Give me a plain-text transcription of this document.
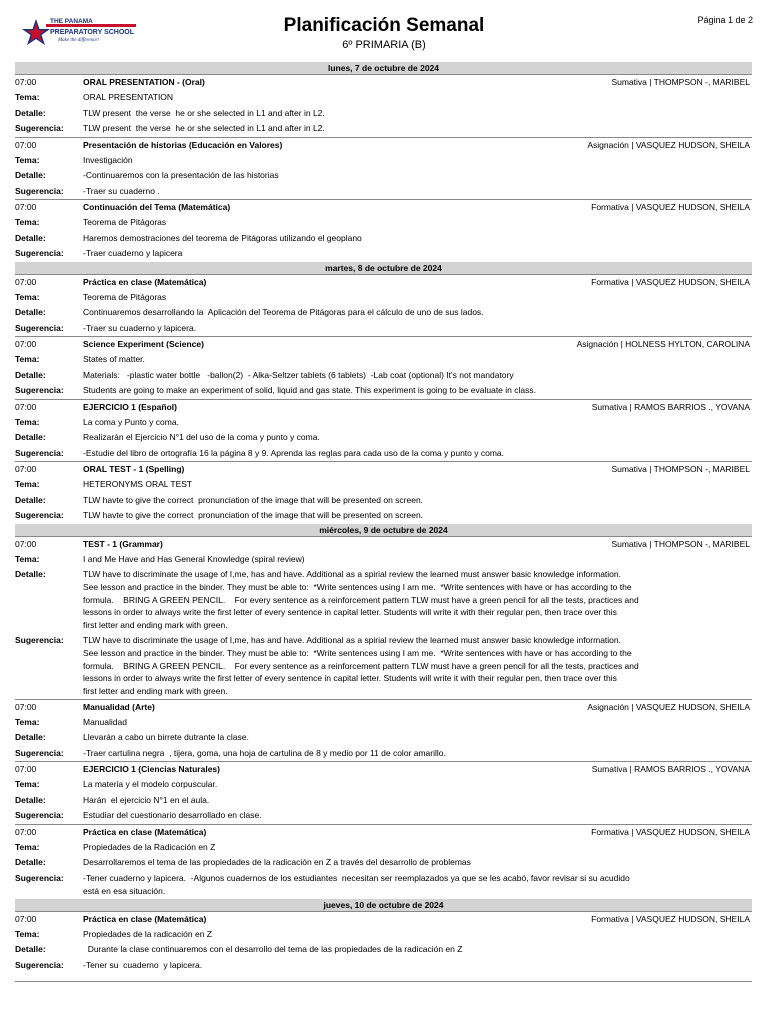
THE PANAMA
PREPARATORY SCHOOL
Make the difference!
Planificación Semanal
6º PRIMARIA (B)
Página 1 de 2
lunes, 7 de octubre de 2024
07:00	ORAL PRESENTATION - (Oral)	Sumativa | THOMPSON -, MARIBEL
Tema:	ORAL PRESENTATION
Detalle:	TLW present  the verse  he or she selected in L1 and after in L2.
Sugerencia:	TLW present  the verse  he or she selected in L1 and after in L2.
07:00	Presentación de historias (Educación en Valores)	Asignación | VASQUEZ HUDSON, SHEILA
Tema:	Investigación
Detalle:	-Continuaremos con la presentación de las historias
Sugerencia:	-Traer su cuaderno .
07:00	Continuación del Tema (Matemática)	Formativa | VASQUEZ HUDSON, SHEILA
Tema:	Teorema de Pitágoras
Detalle:	Haremos demostraciones del teorema de Pitágoras utilizando el geoplano
Sugerencia:	-Traer cuaderno y lapicera
martes, 8 de octubre de 2024
07:00	Práctica en clase (Matemática)	Formativa | VASQUEZ HUDSON, SHEILA
Tema:	Teorema de Pitágoras
Detalle:	Continuaremos desarrollando la  Aplicación del Teorema de Pitágoras para el cálculo de uno de sus lados.
Sugerencia:	-Traer su cuaderno y lapicera.
07:00	Science Experiment (Science)	Asignación | HOLNESS HYLTON, CAROLINA
Tema:	States of matter.
Detalle:	Materials:   -plastic water bottle   -ballon(2)  - Alka-Seltzer tablets (6 tablets)  -Lab coat (optional) It's not mandatory
Sugerencia:	Students are going to make an experiment of solid, liquid and gas state. This experiment is going to be evaluate in class.
07:00	EJERCICIO 1 (Español)	Sumativa | RAMOS BARRIOS ., YOVANA
Tema:	La coma y Punto y coma.
Detalle:	Realizarán el Ejercicio N°1 del uso de la coma y punto y coma.
Sugerencia:	-Estudie del libro de ortografía 16 la página 8 y 9. Aprenda las reglas para cada uso de la coma y punto y coma.
07:00	ORAL TEST - 1 (Spelling)	Sumativa | THOMPSON -, MARIBEL
Tema:	HETERONYMS ORAL TEST
Detalle:	TLW havte to give the correct  pronunciation of the image that will be presented on screen.
Sugerencia:	TLW havte to give the correct  pronunciation of the image that will be presented on screen.
miércoles, 9 de octubre de 2024
07:00	TEST - 1 (Grammar)	Sumativa | THOMPSON -, MARIBEL
Tema:	I and Me Have and Has General Knowledge (spiral review)
Detalle:	TLW have to discriminate the usage of I,me, has and have. Additional as a spirial review the learned must answer basic knowledge information.
See lesson and practice in the binder. They must be able to:  *Write sentences using I am me.  *Write sentences with have or has according to the
formula.    BRING A GREEN PENCIL.    For every sentence as a reinforcement pattern TLW must have a green pencil for all the tests, practices and
lessons in order to always write the first letter of every sentence in capital letter. Students will write it with their regular pen, then trace over this
first letter and ending mark with green.
Sugerencia:	TLW have to discriminate the usage of I,me, has and have. Additional as a spirial review the learned must answer basic knowledge information.
See lesson and practice in the binder. They must be able to:  *Write sentences using I am me.  *Write sentences with have or has according to the
formula.    BRING A GREEN PENCIL.    For every sentence as a reinforcement pattern TLW must have a green pencil for all the tests, practices and
lessons in order to always write the first letter of every sentence in capital letter. Students will write it with their regular pen, then trace over this
first letter and ending mark with green.
07:00	Manualidad (Arte)	Asignación | VASQUEZ HUDSON, SHEILA
Tema:	Manualidad
Detalle:	Llevarán a cabo un birrete dutrante la clase.
Sugerencia:	-Traer cartulina negra  , tijera, goma, una hoja de cartulina de 8 y medio por 11 de color amarillo.
07:00	EJERCICIO 1 (Ciencias Naturales)	Sumativa | RAMOS BARRIOS ., YOVANA
Tema:	La materia y el modelo corpuscular.
Detalle:	Harán  el ejercicio N°1 en el aula.
Sugerencia:	Estudiar del cuestionario desarrollado en clase.
07:00	Práctica en clase (Matemática)	Formativa | VASQUEZ HUDSON, SHEILA
Tema:	Propiedades de la Radicación en Z
Detalle:	Desarrollaremos el tema de las propiedades de la radicación en Z a través del desarrollo de problemas
Sugerencia:	-Tener cuaderno y lapicera.  -Algunos cuadernos de los estudiantes  necesitan ser reemplazados ya que se les acabó, favor revisar si su acudido
está en esa situación.
jueves, 10 de octubre de 2024
07:00	Práctica en clase (Matemática)	Formativa | VASQUEZ HUDSON, SHEILA
Tema:	Propiedades de la radicación en Z
Detalle:	Durante la clase continuaremos con el desarrollo del tema de las propiedades de la radicación en Z
Sugerencia:	-Tener su  cuaderno  y lapicera.
